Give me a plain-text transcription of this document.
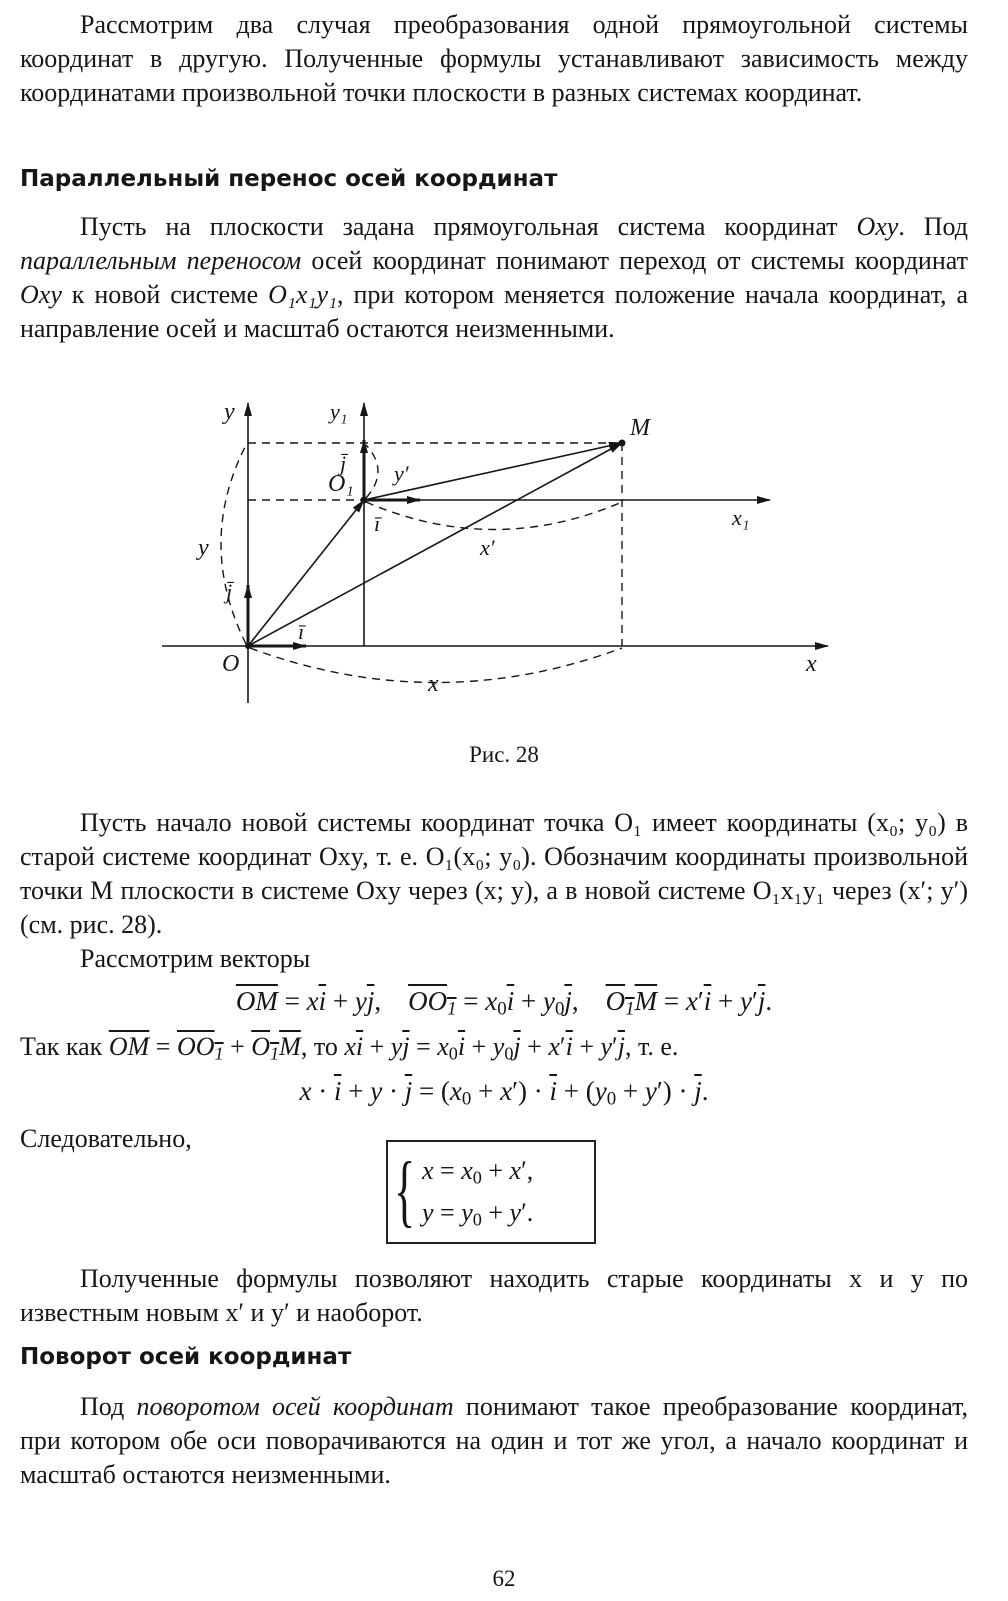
Рассмотрим два случая преобразования одной прямоугольной системы координат в другую. Полученные формулы устанавливают зависимость между координатами произвольной точки плоскости в разных системах координат.

Параллельный перенос осей координат

Пусть на плоскости задана прямоугольная система координат Oxy. Под параллельным переносом осей координат понимают переход от системы координат Oxy к новой системе O₁x₁y₁, при котором меняется положение начала координат, а направление осей и масштаб остаются неизменными.

y	y₁
M
j̄ y′
O₁
x₁
ī
x′
y
j̄
ī
O	x
x
Рис. 28

Пусть начало новой системы координат точка O₁ имеет координаты (x₀; y₀) в старой системе координат Oxy, т. е. O₁(x₀; y₀). Обозначим координаты произвольной точки M плоскости в системе Oxy через (x; y), а в новой системе O₁x₁y₁ через (x′; y′) (см. рис. 28).

Рассмотрим векторы

$\overline{OM} = x\overline{i} + y\overline{j}$,    $OO_1 = x_0\overline{i} + y_0\overline{j}$,    $O_1M = x'\overline{i} + y'\overline{j}$.
Так как $\overline{OM} = OO_1 + O_1M$, то $x\overline{i} + y\overline{j} = x_0\overline{i} + y_0\overline{j} + x'\overline{i} + y'\overline{j}$, т. е.
$x \cdot \overline{i} + y \cdot \overline{j} = (x_0 + x') \cdot \overline{i} + (y_0 + y') \cdot \overline{j}$.

Следовательно,

{ $x = x_0 + x'$,
$y = y_0 + y'$.

Полученные формулы позволяют находить старые координаты x и y по известным новым x′ и y′ и наоборот.

Поворот осей координат

Под поворотом осей координат понимают такое преобразование координат, при котором обе оси поворачиваются на один и тот же угол, а начало координат и масштаб остаются неизменными.

62
